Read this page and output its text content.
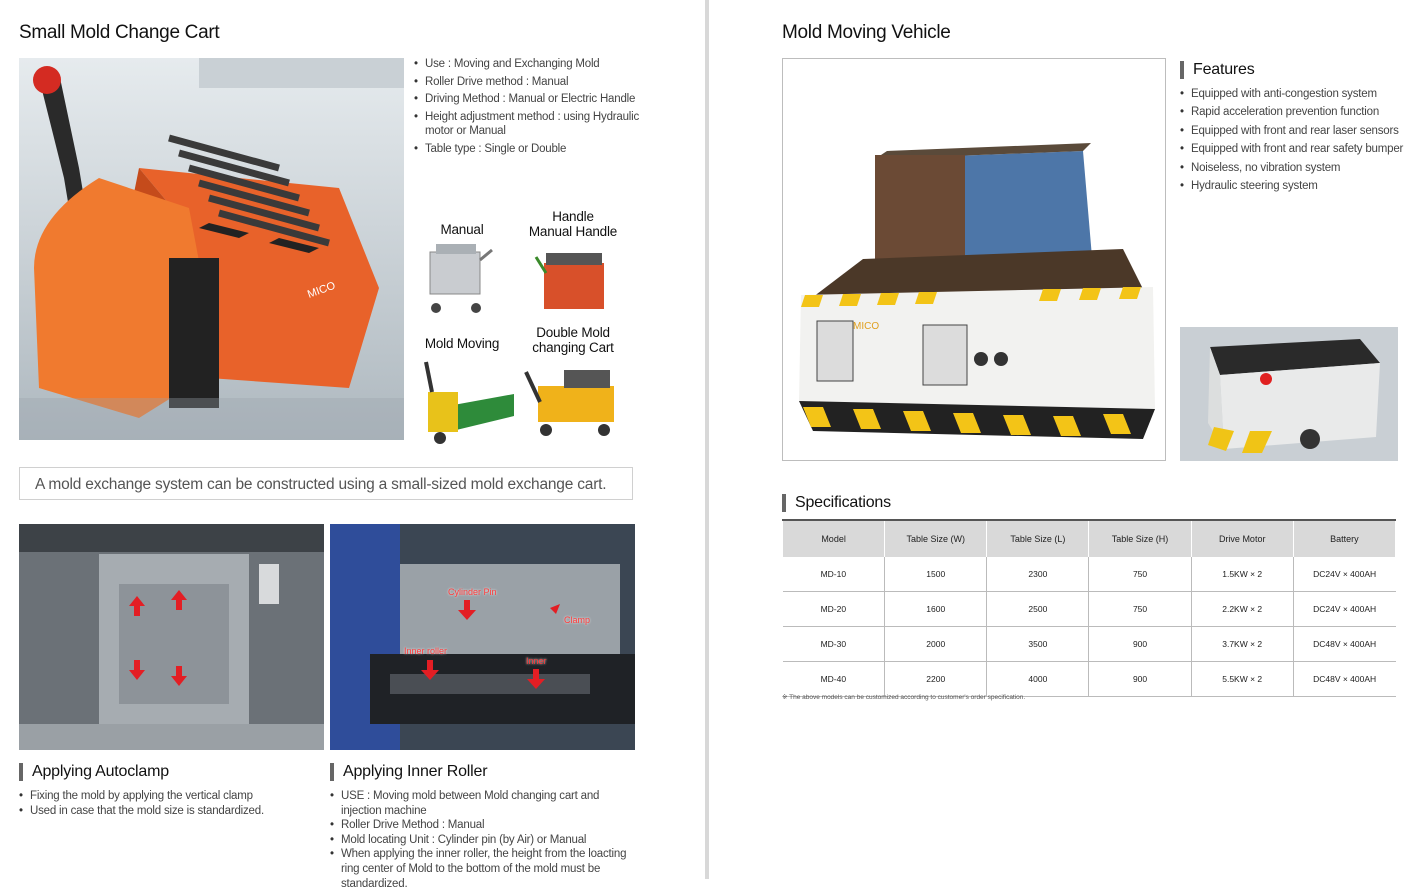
Small Mold Change Cart
MICO
• Use : Moving and Exchanging Mold
• Roller Drive method : Manual
• Driving Method : Manual or Electric Handle
• Height adjustment method : using Hydraulic motor or Manual
• Table type : Single or Double
Manual
Handle
Manual Handle
Mold Moving
Double Mold
changing Cart
A mold exchange system can be constructed using a small-sized mold exchange cart.
Cylinder Pin
Clamp
Inner roller
Inner
Applying Autoclamp
• Fixing the mold by applying the vertical clamp
• Used in case that the mold size is standardized.
Applying Inner Roller
• USE : Moving mold between Mold changing cart and injection machine
• Roller Drive Method : Manual
• Mold locating Unit : Cylinder pin (by Air) or Manual
• When applying the inner roller, the height from the loacting ring center of Mold to the bottom of the mold must be standardized.
Mold Moving Vehicle
MICO
Features
• Equipped with anti-congestion system
• Rapid acceleration prevention function
• Equipped with front and rear laser sensors
• Equipped with front and rear safety bumper
• Noiseless, no vibration system
• Hydraulic steering system
Specifications
Model	Table Size (W)	Table Size (L)	Table Size (H)	Drive Motor	Battery
MD-10	1500	2300	750	1.5KW × 2	DC24V × 400AH
MD-20	1600	2500	750	2.2KW × 2	DC24V × 400AH
MD-30	2000	3500	900	3.7KW × 2	DC48V × 400AH
MD-40	2200	4000	900	5.5KW × 2	DC48V × 400AH
※ The above models can be customized according to customer's order specification.
